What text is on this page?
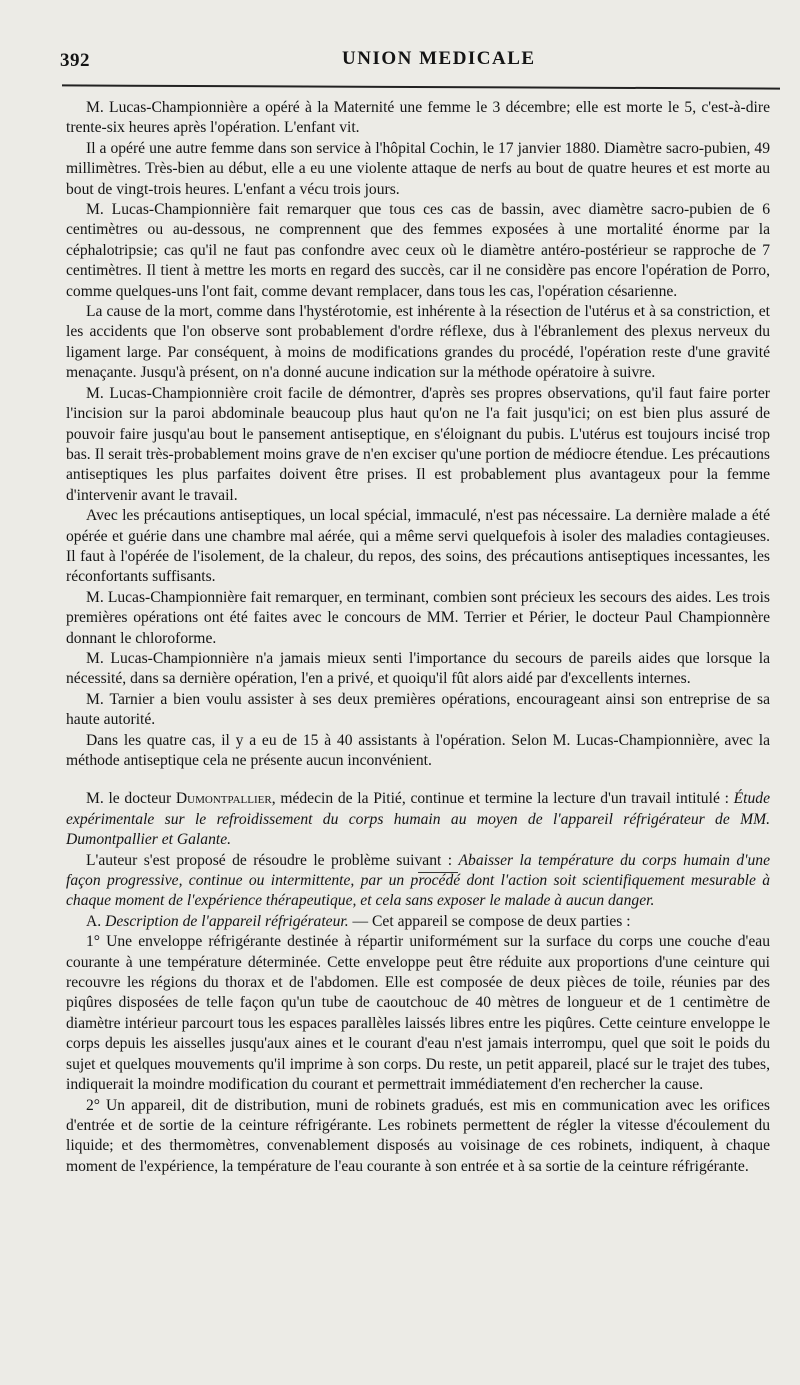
392	UNION MEDICALE

M. Lucas-Championnière a opéré à la Maternité une femme le 3 décembre; elle est morte le 5, c'est-à-dire trente-six heures après l'opération. L'enfant vit.

Il a opéré une autre femme dans son service à l'hôpital Cochin, le 17 janvier 1880. Diamètre sacro-pubien, 49 millimètres. Très-bien au début, elle a eu une violente attaque de nerfs au bout de quatre heures et est morte au bout de vingt-trois heures. L'enfant a vécu trois jours.

M. Lucas-Championnière fait remarquer que tous ces cas de bassin, avec diamètre sacro-pubien de 6 centimètres ou au-dessous, ne comprennent que des femmes exposées à une mortalité énorme par la céphalotripsie; cas qu'il ne faut pas confondre avec ceux où le diamètre antéro-postérieur se rapproche de 7 centimètres. Il tient à mettre les morts en regard des succès, car il ne considère pas encore l'opération de Porro, comme quelques-uns l'ont fait, comme devant remplacer, dans tous les cas, l'opération césarienne.

La cause de la mort, comme dans l'hystérotomie, est inhérente à la résection de l'utérus et à sa constriction, et les accidents que l'on observe sont probablement d'ordre réflexe, dus à l'ébranlement des plexus nerveux du ligament large. Par conséquent, à moins de modifications grandes du procédé, l'opération reste d'une gravité menaçante. Jusqu'à présent, on n'a donné aucune indication sur la méthode opératoire à suivre.

M. Lucas-Championnière croit facile de démontrer, d'après ses propres observations, qu'il faut faire porter l'incision sur la paroi abdominale beaucoup plus haut qu'on ne l'a fait jusqu'ici; on est bien plus assuré de pouvoir faire jusqu'au bout le pansement antiseptique, en s'éloignant du pubis. L'utérus est toujours incisé trop bas. Il serait très-probablement moins grave de n'en exciser qu'une portion de médiocre étendue. Les précautions antiseptiques les plus parfaites doivent être prises. Il est probablement plus avantageux pour la femme d'intervenir avant le travail.

Avec les précautions antiseptiques, un local spécial, immaculé, n'est pas nécessaire. La dernière malade a été opérée et guérie dans une chambre mal aérée, qui a même servi quelquefois à isoler des maladies contagieuses. Il faut à l'opérée de l'isolement, de la chaleur, du repos, des soins, des précautions antiseptiques incessantes, les réconfortants suffisants.

M. Lucas-Championnière fait remarquer, en terminant, combien sont précieux les secours des aides. Les trois premières opérations ont été faites avec le concours de MM. Terrier et Périer, le docteur Paul Championnère donnant le chloroforme.

M. Lucas-Championnière n'a jamais mieux senti l'importance du secours de pareils aides que lorsque la nécessité, dans sa dernière opération, l'en a privé, et quoiqu'il fût alors aidé par d'excellents internes.

M. Tarnier a bien voulu assister à ses deux premières opérations, encourageant ainsi son entreprise de sa haute autorité.

Dans les quatre cas, il y a eu de 15 à 40 assistants à l'opération. Selon M. Lucas-Championnière, avec la méthode antiseptique cela ne présente aucun inconvénient.

M. le docteur Dumontpallier, médecin de la Pitié, continue et termine la lecture d'un travail intitulé : Étude expérimentale sur le refroidissement du corps humain au moyen de l'appareil réfrigérateur de MM. Dumontpallier et Galante.

L'auteur s'est proposé de résoudre le problème suivant : Abaisser la température du corps humain d'une façon progressive, continue ou intermittente, par un procédé dont l'action soit scientifiquement mesurable à chaque moment de l'expérience thérapeutique, et cela sans exposer le malade à aucun danger.

A. Description de l'appareil réfrigérateur. — Cet appareil se compose de deux parties :

1° Une enveloppe réfrigérante destinée à répartir uniformément sur la surface du corps une couche d'eau courante à une température déterminée. Cette enveloppe peut être réduite aux proportions d'une ceinture qui recouvre les régions du thorax et de l'abdomen. Elle est composée de deux pièces de toile, réunies par des piqûres disposées de telle façon qu'un tube de caoutchouc de 40 mètres de longueur et de 1 centimètre de diamètre intérieur parcourt tous les espaces parallèles laissés libres entre les piqûres. Cette ceinture enveloppe le corps depuis les aisselles jusqu'aux aines et le courant d'eau n'est jamais interrompu, quel que soit le poids du sujet et quelques mouvements qu'il imprime à son corps. Du reste, un petit appareil, placé sur le trajet des tubes, indiquerait la moindre modification du courant et permettrait immédiatement d'en rechercher la cause.

2° Un appareil, dit de distribution, muni de robinets gradués, est mis en communication avec les orifices d'entrée et de sortie de la ceinture réfrigérante. Les robinets permettent de régler la vitesse d'écoulement du liquide; et des thermomètres, convenablement disposés au voisinage de ces robinets, indiquent, à chaque moment de l'expérience, la température de l'eau courante à son entrée et à sa sortie de la ceinture réfrigérante.
